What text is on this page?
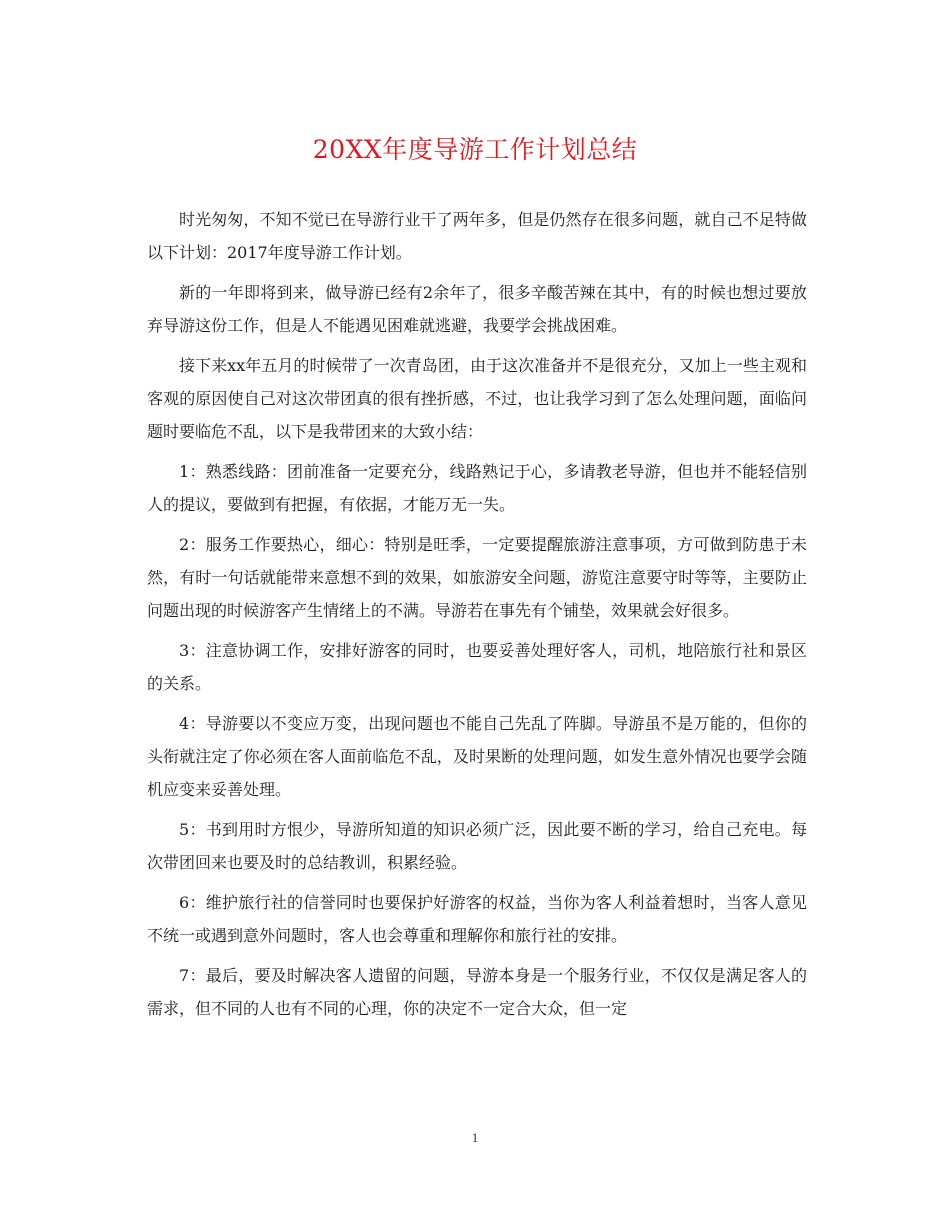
20XX年度导游工作计划总结

时光匆匆，不知不觉已在导游行业干了两年多，但是仍然存在很多问题，就自己不足特做以下计划：2017年度导游工作计划。

新的一年即将到来，做导游已经有2余年了，很多辛酸苦辣在其中，有的时候也想过要放弃导游这份工作，但是人不能遇见困难就逃避，我要学会挑战困难。

接下来xx年五月的时候带了一次青岛团，由于这次准备并不是很充分，又加上一些主观和客观的原因使自己对这次带团真的很有挫折感，不过，也让我学习到了怎么处理问题，面临问题时要临危不乱，以下是我带团来的大致小结：

1：熟悉线路：团前准备一定要充分，线路熟记于心，多请教老导游，但也并不能轻信别人的提议，要做到有把握，有依据，才能万无一失。

2：服务工作要热心，细心：特别是旺季，一定要提醒旅游注意事项，方可做到防患于未然，有时一句话就能带来意想不到的效果，如旅游安全问题，游览注意要守时等等，主要防止问题出现的时候游客产生情绪上的不满。导游若在事先有个铺垫，效果就会好很多。

3：注意协调工作，安排好游客的同时，也要妥善处理好客人，司机，地陪旅行社和景区的关系。

4：导游要以不变应万变，出现问题也不能自己先乱了阵脚。导游虽不是万能的，但你的头衔就注定了你必须在客人面前临危不乱，及时果断的处理问题，如发生意外情况也要学会随机应变来妥善处理。

5：书到用时方恨少，导游所知道的知识必须广泛，因此要不断的学习，给自己充电。每次带团回来也要及时的总结教训，积累经验。

6：维护旅行社的信誉同时也要保护好游客的权益，当你为客人利益着想时，当客人意见不统一或遇到意外问题时，客人也会尊重和理解你和旅行社的安排。

7：最后，要及时解决客人遗留的问题，导游本身是一个服务行业，不仅仅是满足客人的需求，但不同的人也有不同的心理，你的决定不一定合大众，但一定

1
